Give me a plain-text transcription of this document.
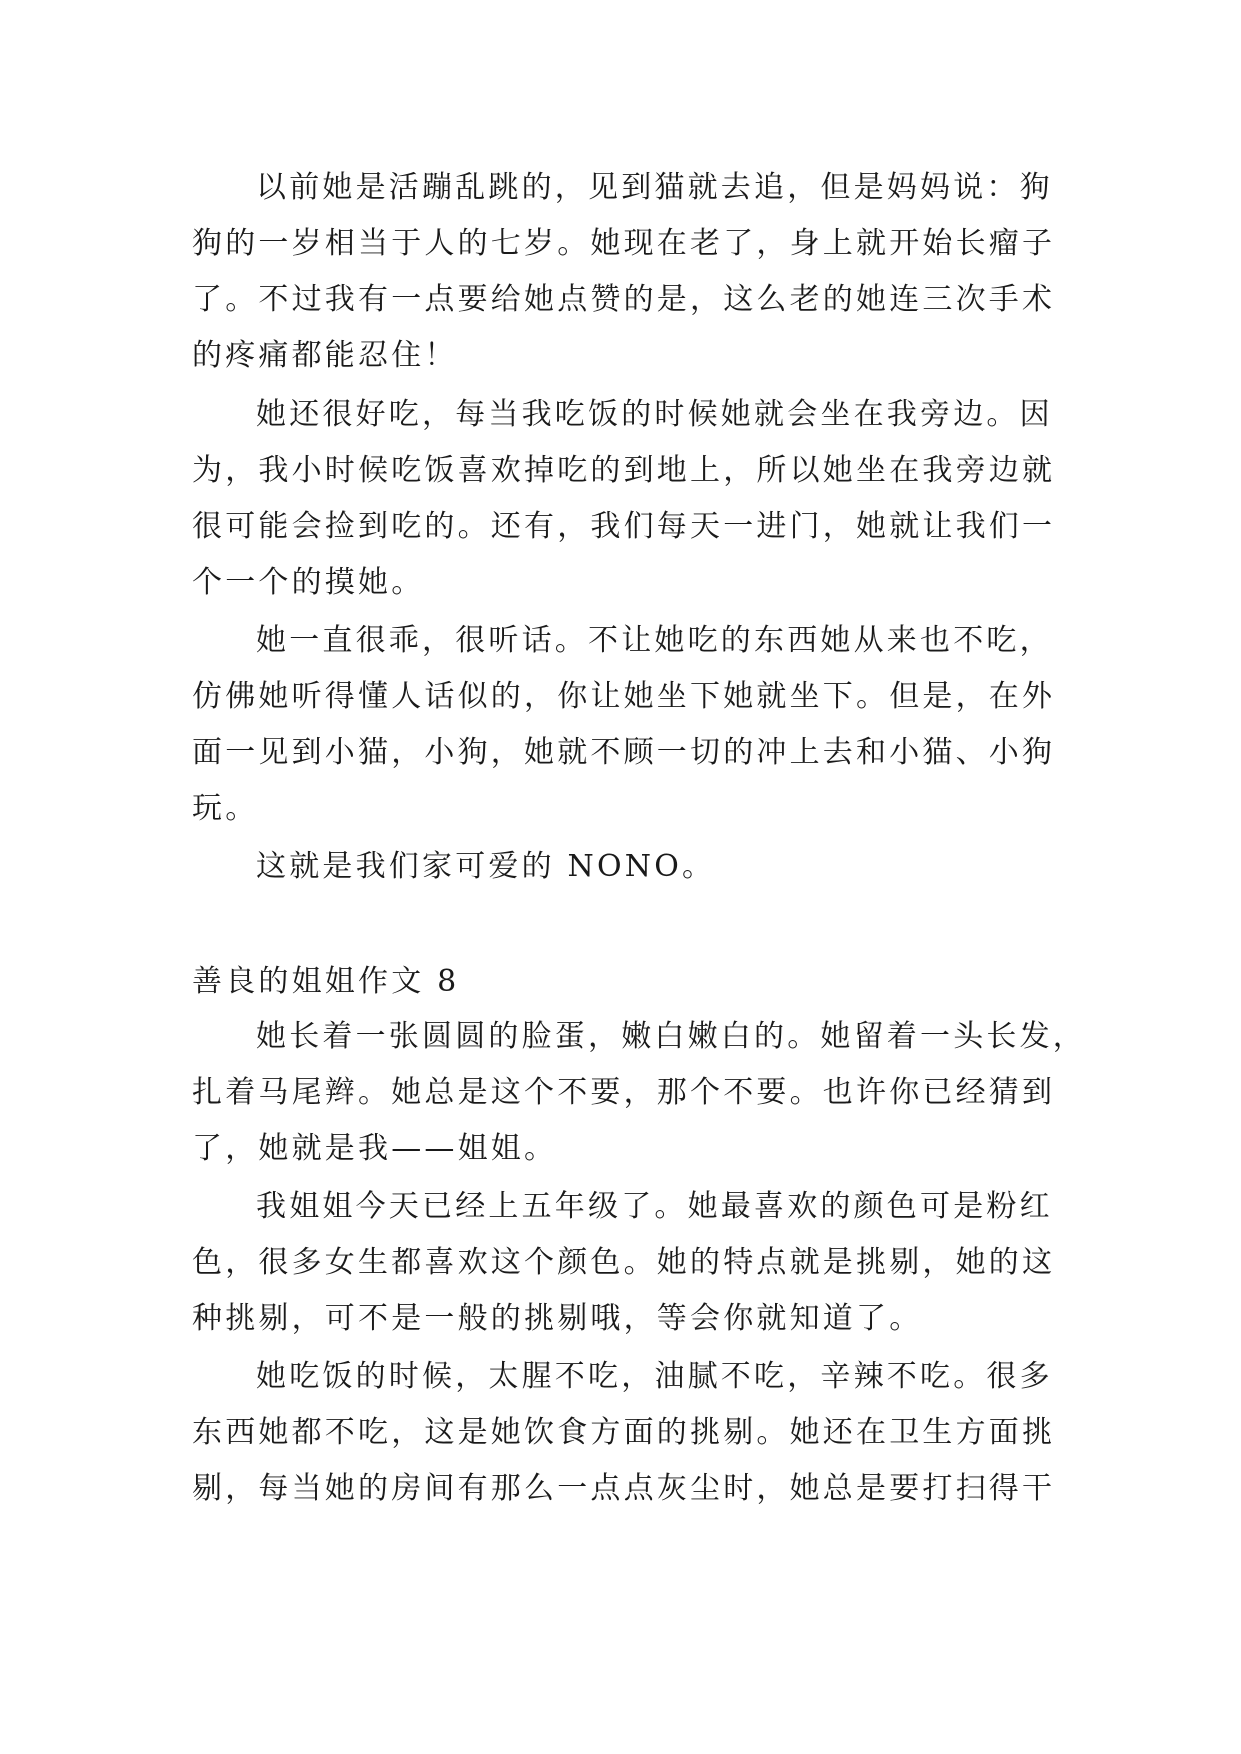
以前她是活蹦乱跳的，见到猫就去追，但是妈妈说：狗
狗的一岁相当于人的七岁。她现在老了，身上就开始长瘤子
了。不过我有一点要给她点赞的是，这么老的她连三次手术
的疼痛都能忍住！
她还很好吃，每当我吃饭的时候她就会坐在我旁边。因
为，我小时候吃饭喜欢掉吃的到地上，所以她坐在我旁边就
很可能会捡到吃的。还有，我们每天一进门，她就让我们一
个一个的摸她。
她一直很乖，很听话。不让她吃的东西她从来也不吃，
仿佛她听得懂人话似的，你让她坐下她就坐下。但是，在外
面一见到小猫，小狗，她就不顾一切的冲上去和小猫、小狗
玩。
这就是我们家可爱的 NONO。
善良的姐姐作文 8
她长着一张圆圆的脸蛋，嫩白嫩白的。她留着一头长发，
扎着马尾辫。她总是这个不要，那个不要。也许你已经猜到
了，她就是我——姐姐。
我姐姐今天已经上五年级了。她最喜欢的颜色可是粉红
色，很多女生都喜欢这个颜色。她的特点就是挑剔，她的这
种挑剔，可不是一般的挑剔哦，等会你就知道了。
她吃饭的时候，太腥不吃，油腻不吃，辛辣不吃。很多
东西她都不吃，这是她饮食方面的挑剔。她还在卫生方面挑
剔，每当她的房间有那么一点点灰尘时，她总是要打扫得干
